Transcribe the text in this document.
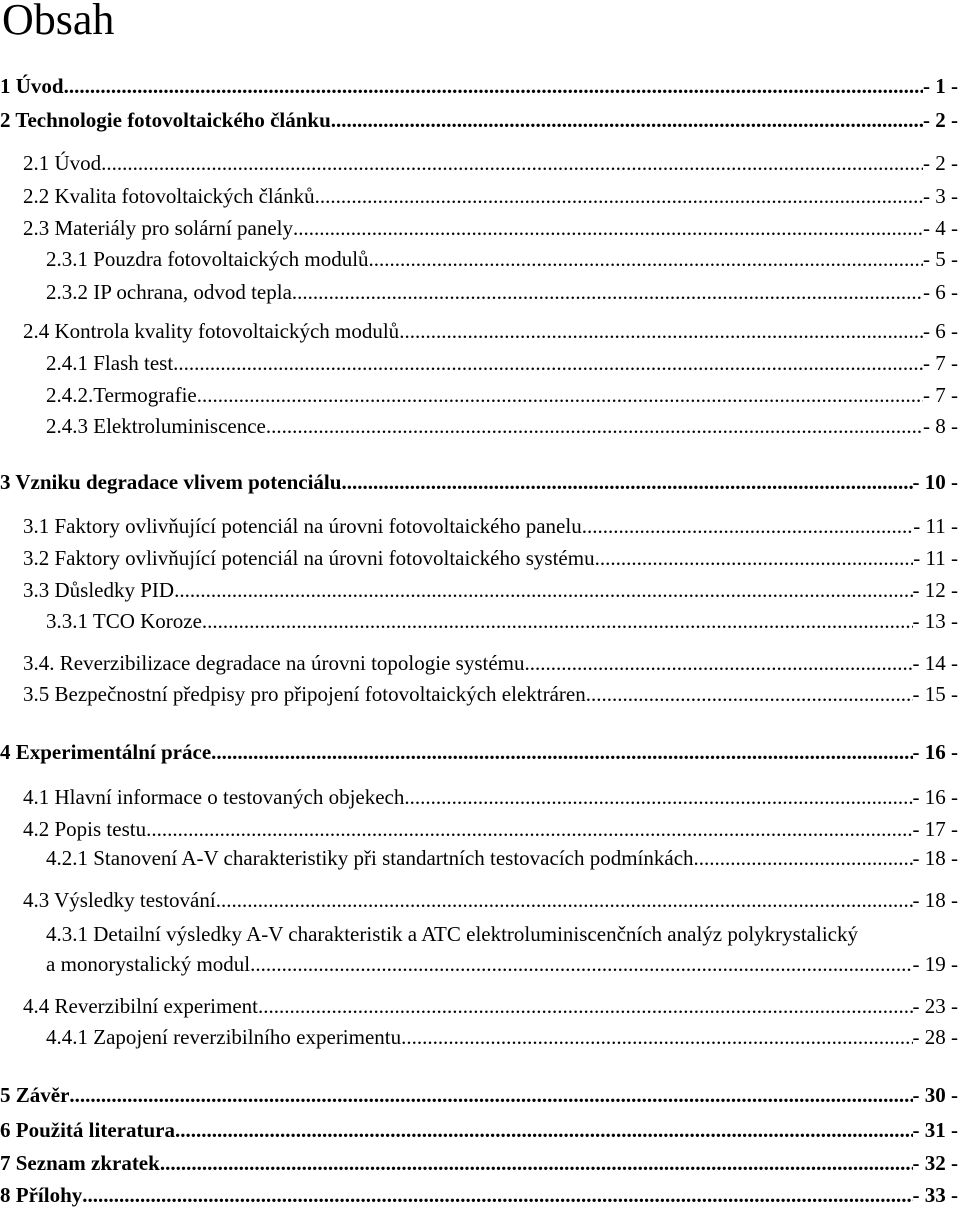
Obsah
1 Úvod .....	- 1 -
2 Technologie fotovoltaického článku .....	- 2 -
2.1 Úvod .....	- 2 -
2.2 Kvalita fotovoltaických článků .....	- 3 -
2.3 Materiály pro solární panely .....	- 4 -
2.3.1 Pouzdra fotovoltaických modulů .....	- 5 -
2.3.2 IP ochrana, odvod tepla .....	- 6 -
2.4 Kontrola kvality fotovoltaických modulů .....	- 6 -
2.4.1 Flash test .....	- 7 -
2.4.2.Termografie .....	- 7 -
2.4.3 Elektroluminiscence .....	- 8 -
3 Vzniku degradace vlivem potenciálu .....	- 10 -
3.1 Faktory ovlivňující potenciál na úrovni fotovoltaického panelu .....	- 11 -
3.2 Faktory ovlivňující potenciál na úrovni fotovoltaického systému .....	- 11 -
3.3 Důsledky PID .....	- 12 -
3.3.1 TCO Koroze .....	- 13 -
3.4. Reverzibilizace degradace na úrovni topologie systému .....	- 14 -
3.5 Bezpečnostní předpisy pro připojení fotovoltaických elektráren. .....	- 15 -
4 Experimentální práce .....	- 16 -
4.1 Hlavní informace o testovaných objekech .....	- 16 -
4.2 Popis testu .....	- 17 -
4.2.1 Stanovení A-V charakteristiky při standartních testovacích podmínkách .....	- 18 -
4.3 Výsledky testování .....	- 18 -
4.3.1 Detailní výsledky A-V charakteristik a ATC elektroluminiscenčních analýz polykrystalický
a monorystalický modul .....	- 19 -
4.4 Reverzibilní experiment .....	- 23 -
4.4.1 Zapojení reverzibilního experimentu .....	- 28 -
5 Závěr .....	- 30 -
6 Použitá literatura .....	- 31 -
7 Seznam zkratek .....	- 32 -
8 Přílohy .....	- 33 -
